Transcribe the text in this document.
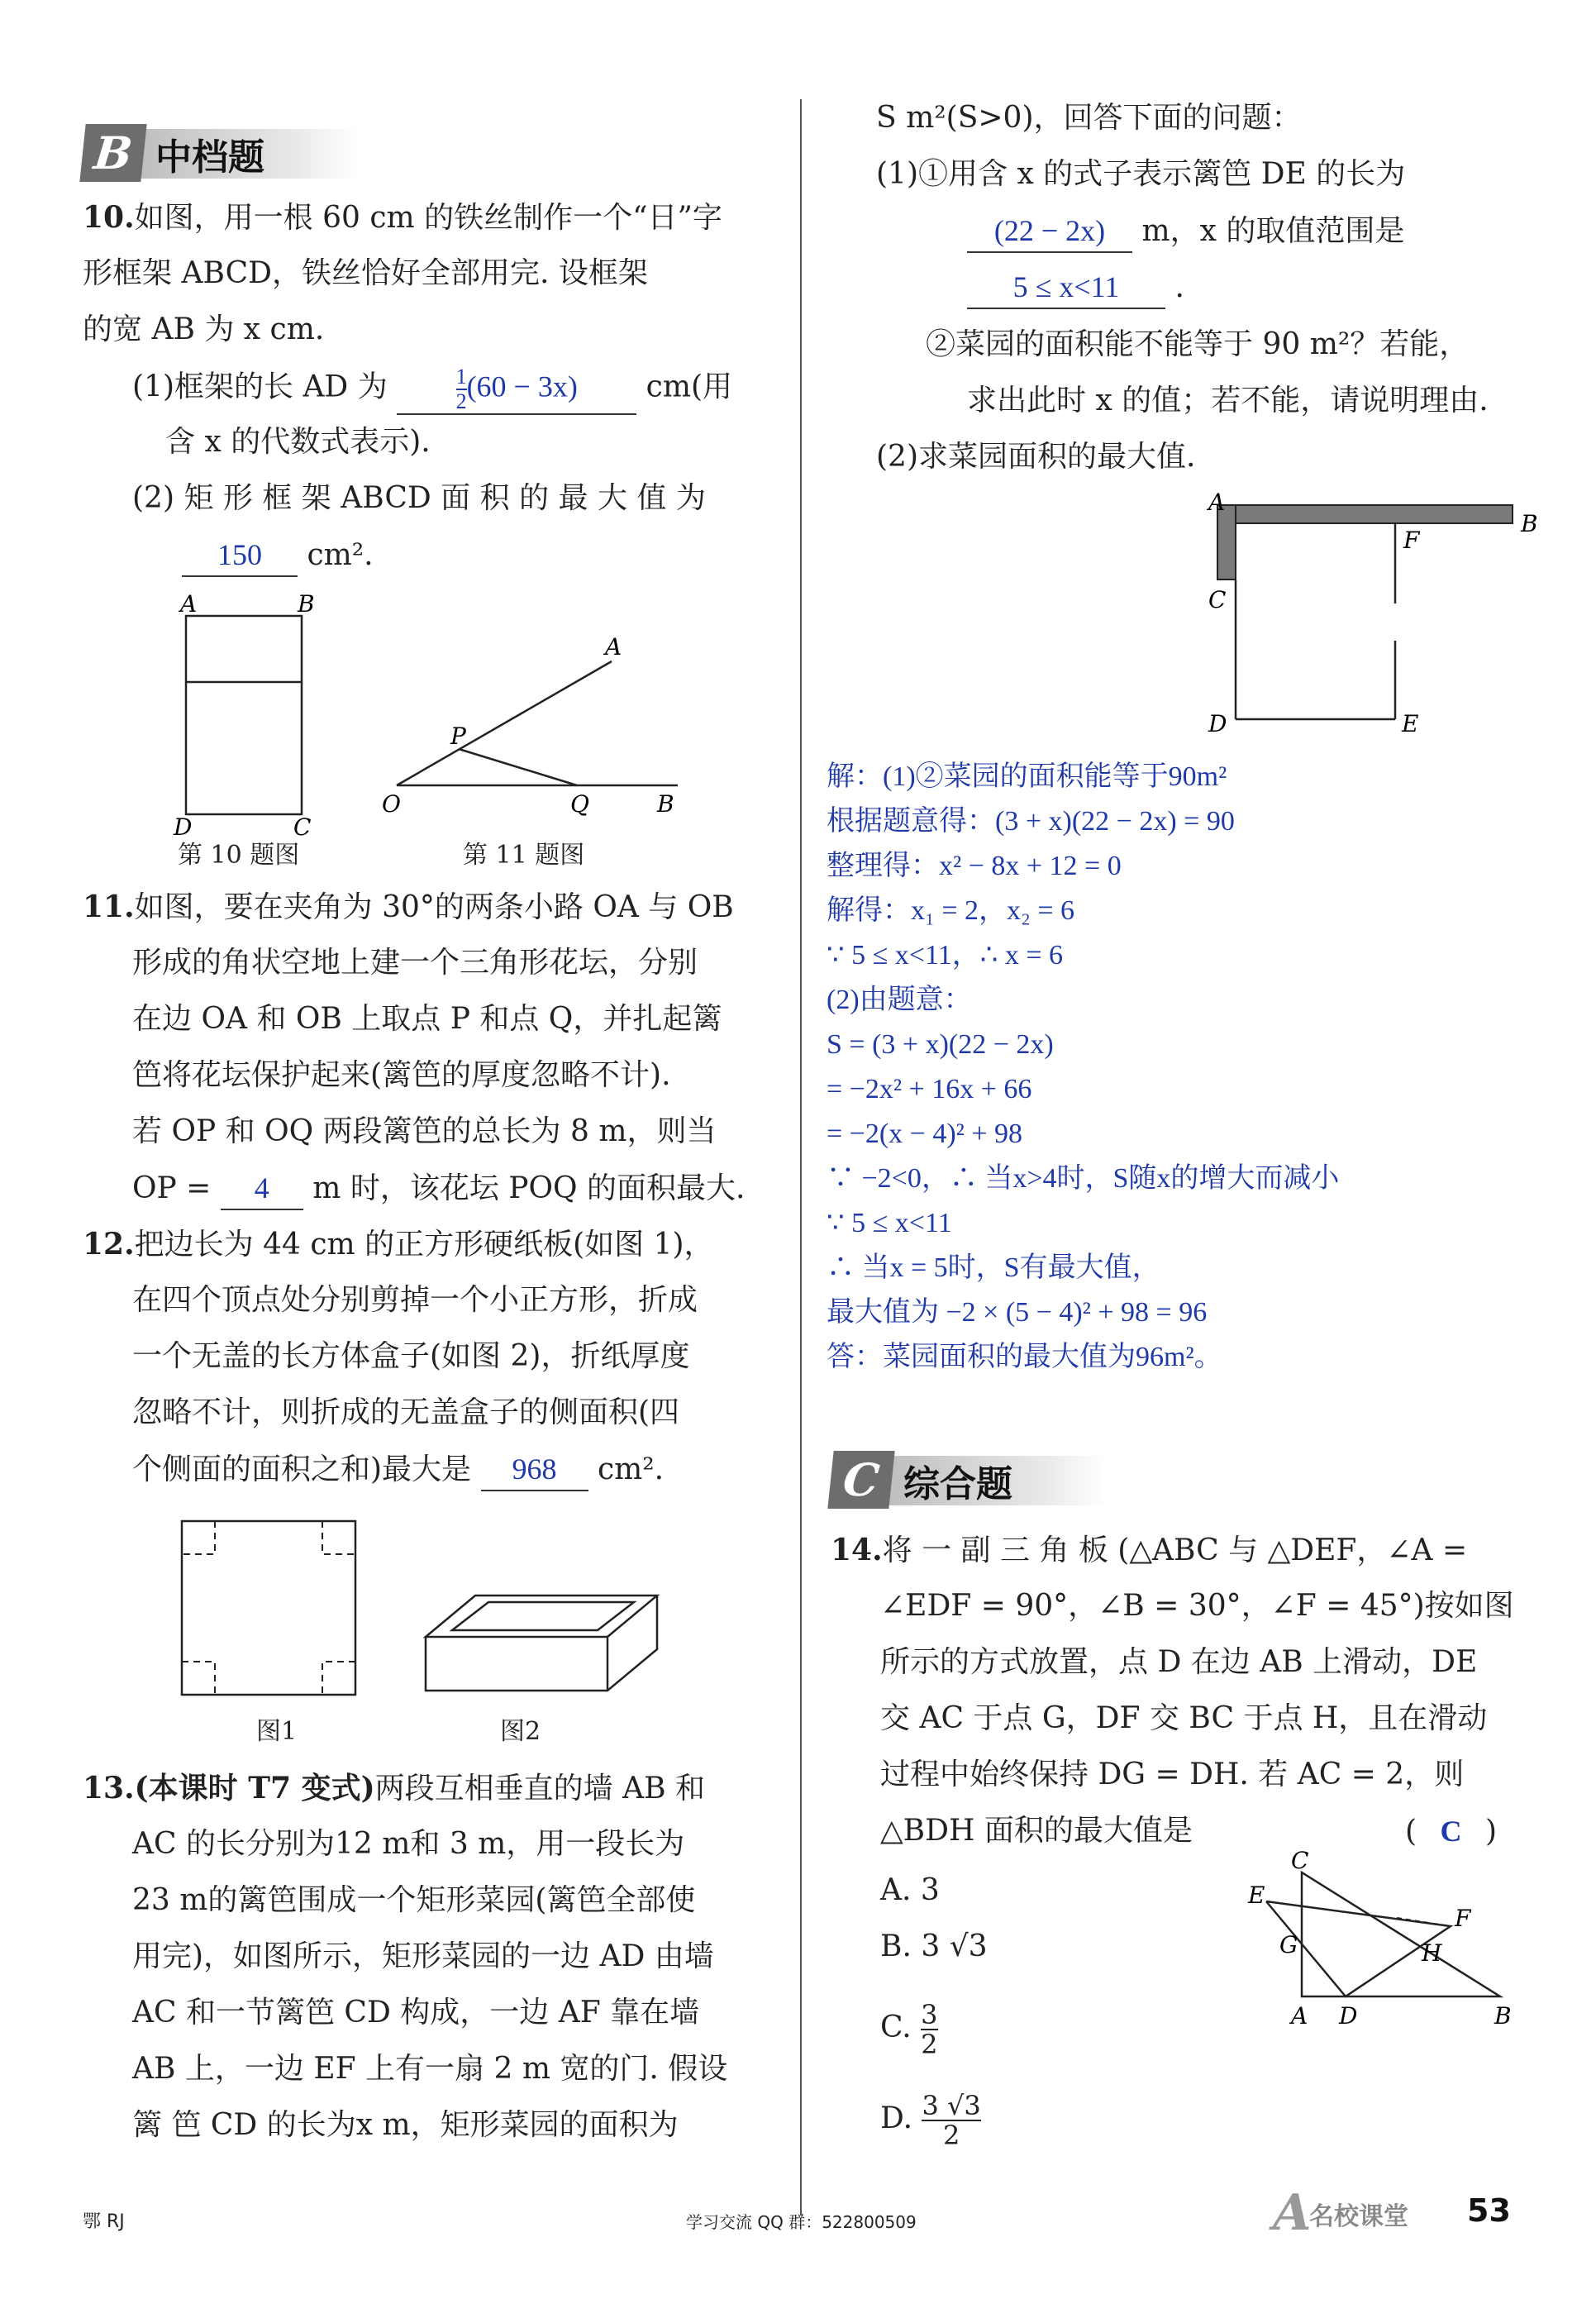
B 中档题
10.如图，用一根 60 cm 的铁丝制作一个“日”字
形框架 ABCD，铁丝恰好全部用完. 设框架
的宽 AB 为 x cm.
(1)框架的长 AD 为	$\frac{1}{2} (60 - 3x)$ cm(用
含 x 的代数式表示).
(2) 矩 形 框 架 ABCD 面 积 的 最 大 值 为
150 cm².
A	B
D	C
第 10 题图
A
P
O	Q	B
第 11 题图
11.如图，要在夹角为 30°的两条小路 OA 与 OB
形成的角状空地上建一个三角形花坛，分别
在边 OA 和 OB 上取点 P 和点 Q，并扎起篱
笆将花坛保护起来(篱笆的厚度忽略不计).
若 OP 和 OQ 两段篱笆的总长为 8 m，则当
OP = 4 m 时，该花坛 POQ 的面积最大.
12.把边长为 44 cm 的正方形硬纸板(如图 1)，
在四个顶点处分别剪掉一个小正方形，折成
一个无盖的长方体盒子(如图 2)，折纸厚度
忽略不计，则折成的无盖盒子的侧面积(四
个侧面的面积之和)最大是 968 cm².
图1	图2
13.(本课时 T7 变式)两段互相垂直的墙 AB 和
AC 的长分别为12 m和 3 m，用一段长为
23 m的篱笆围成一个矩形菜园(篱笆全部使
用完)，如图所示，矩形菜园的一边 AD 由墙
AC 和一节篱笆 CD 构成，一边 AF 靠在墙
AB 上，一边 EF 上有一扇 2 m 宽的门. 假设
篱 笆 CD 的长为x m，矩形菜园的面积为
S m²(S>0)，回答下面的问题：
(1)①用含 x 的式子表示篱笆 DE 的长为
(22 − 2x) m，x 的取值范围是
5 ≤ x<11 .
②菜园的面积能不能等于 90 m²？若能，
求出此时 x 的值；若不能，请说明理由.
(2)求菜园面积的最大值.
A
B
F
C
D	E
解：(1)②菜园的面积能等于90m²
根据题意得：(3 + x)(22 − 2x) = 90
整理得：x² − 8x + 12 = 0
解得：x₁ = 2，x₂ = 6
∵ 5 ≤ x<11，∴ x = 6
(2)由题意：
S = (3 + x)(22 − 2x)
= −2x² + 16x + 66
= −2(x − 4)² + 98
∵ −2<0，∴ 当x>4时，S随x的增大而减小
∵ 5 ≤ x<11
∴ 当x = 5时，S有最大值，
最大值为 −2 × (5 − 4)² + 98 = 96
答：菜园面积的最大值为96m²。
C 综合题
14.将 一 副 三 角 板 (△ABC 与 △DEF，∠A =
∠EDF = 90°，∠B = 30°，∠F = 45°)按如图
所示的方式放置，点 D 在边 AB 上滑动，DE
交 AC 于点 G，DF 交 BC 于点 H，且在滑动
过程中始终保持 DG = DH. 若 AC = 2，则
△BDH 面积的最大值是	( C )
A. 3
B. 3 √3
C. $\frac{3}{2}$
D. $\frac{3 √3}{2}$
C
E
F
G	H
A D	B
鄂 RJ	学习交流 QQ 群：522800509	A
名校课堂 53
